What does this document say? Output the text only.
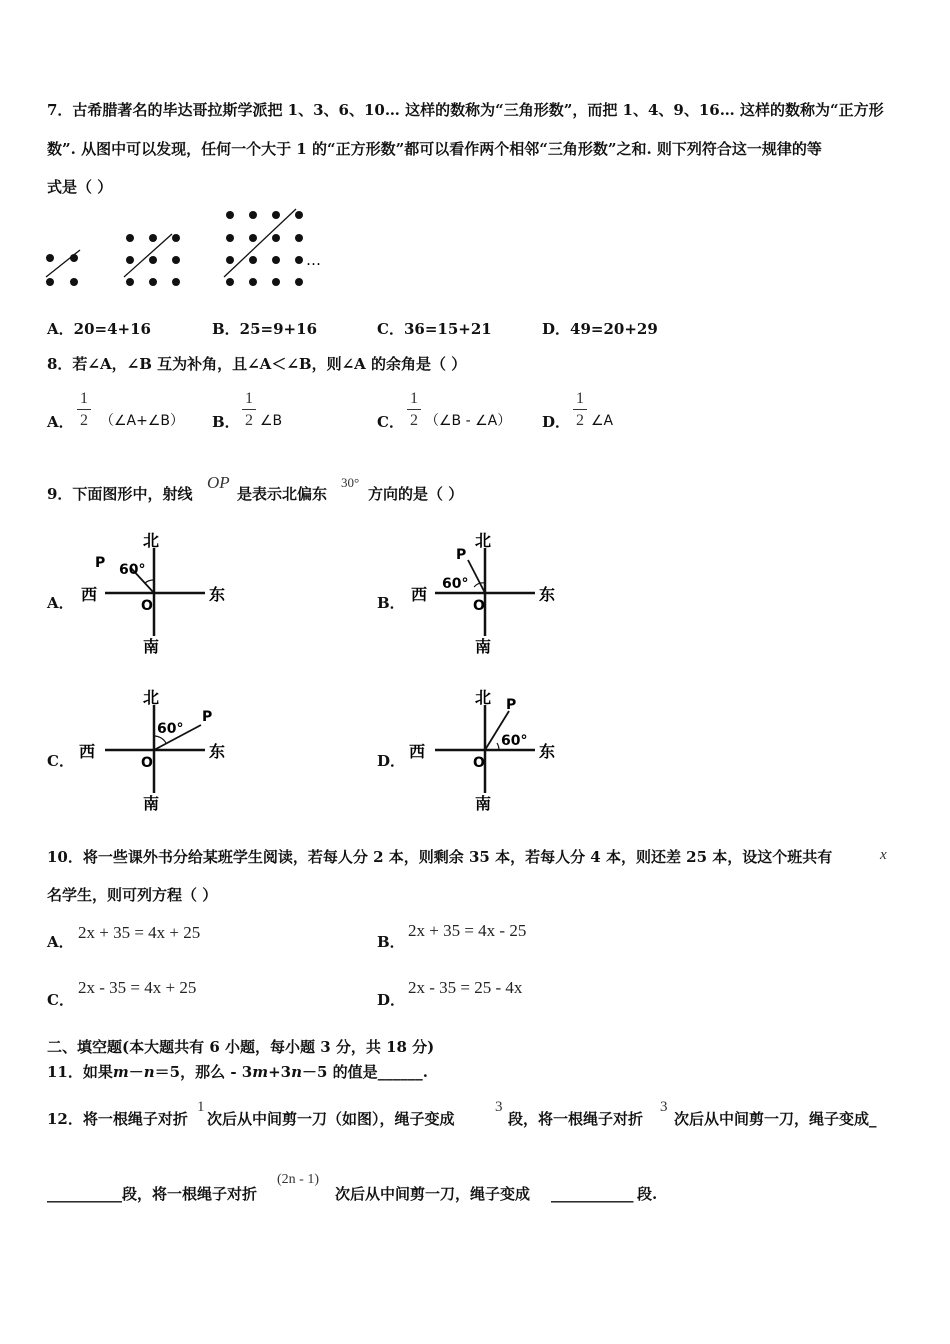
7．古希腊著名的毕达哥拉斯学派把 1、3、6、10… 这样的数称为“三角形数”，而把 1、4、9、16… 这样的数称为“正方形
数”. 从图中可以发现，任何一个大于 1 的“正方形数”都可以看作两个相邻“三角形数”之和. 则下列符合这一规律的等
式是（ ）
…
A．20=4+16	B．25=9+16	C．36=15+21	D．49=20+29
8．若∠A，∠B 互为补角，且∠A＜∠B，则∠A 的余角是（ ）
A． $\frac{1}{2}$ （∠A+∠B） B． $\frac{1}{2}$ ∠B	C． $\frac{1}{2}$ （∠B - ∠A） D． $\frac{1}{2}$ ∠A
9．下面图形中，射线
OP
是表示北偏东
30°
方向的是（ ）
A．	B．
C．	D．
北
南
西	东
O
P 60°
北
南
西	东
O
P
60°
北
南
西	东
O
P
60°
北
南
西	东
O
P
60°
10．将一些课外书分给某班学生阅读，若每人分 2 本，则剩余 35 本，若每人分 4 本，则还差 25 本，设这个班共有	x
名学生，则可列方程（ ）
A． 2x + 35 = 4x + 25	B．
2x + 35 = 4x - 25
C．
2x - 35 = 4x + 25
D．
2x - 35 = 25 - 4x
二、填空题(本大题共有 6 小题，每小题 3 分，共 18 分)
11．如果m－n＝5，那么 - 3m+3n－5 的值是______.
12．将一根绳子对折
1
次后从中间剪一刀（如图），绳子变成
3
段，将一根绳子对折
3
次后从中间剪一刀，绳子变成_
__________ 段，将一根绳子对折
(2n - 1)
次后从中间剪一刀，绳子变成 ___________ 段.
